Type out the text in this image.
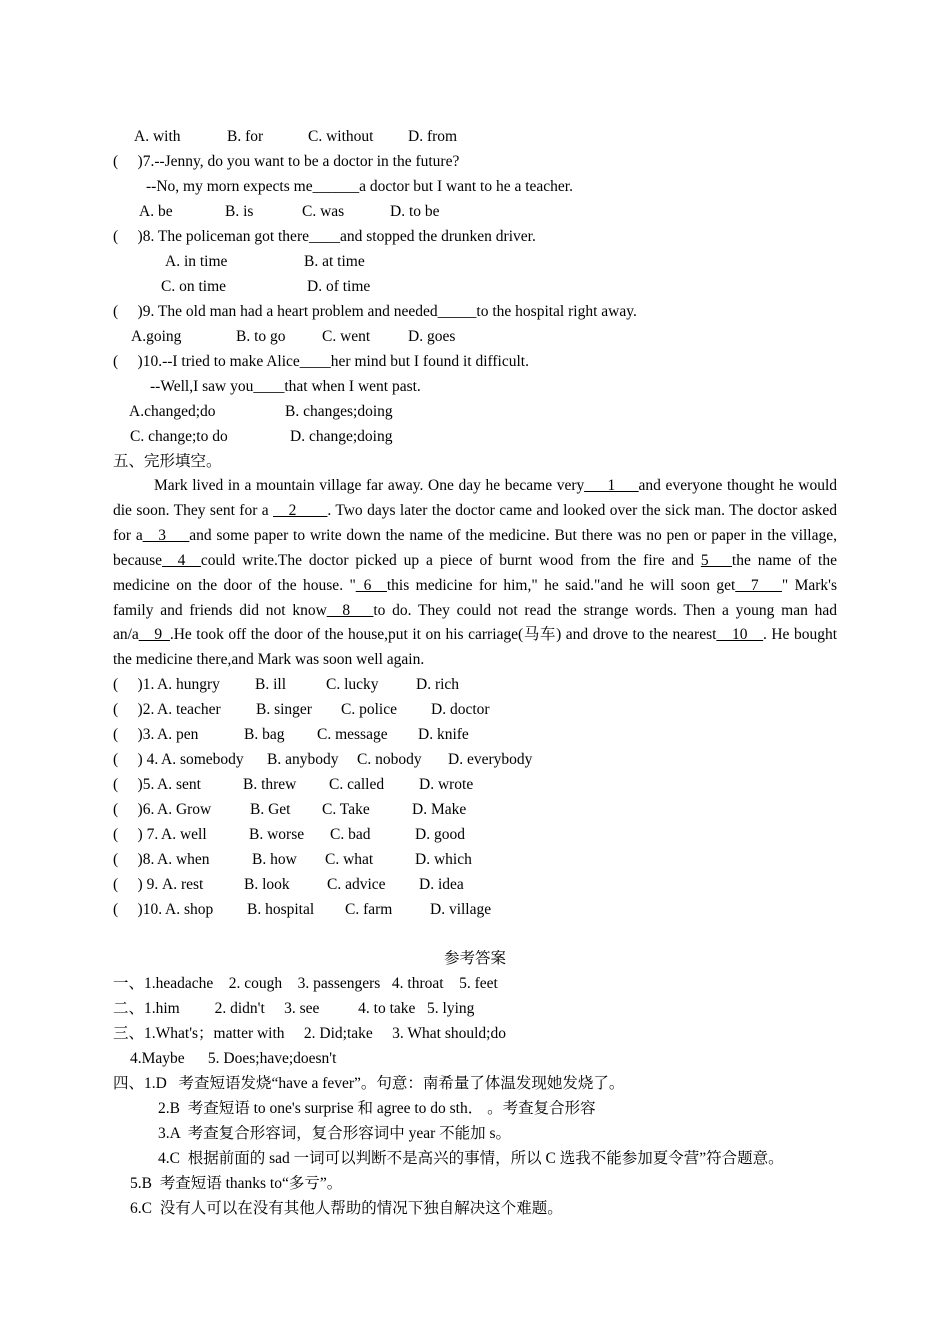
A. with	B. for	C. without D. from
(     )7.--Jenny, do you want to be a doctor in the future?
--No, my morn expects me______a doctor but I want to he a teacher.
A. be	B. is	C. was	D. to be
(     )8. The policeman got there____and stopped the drunken driver.
A. in time	B. at time
C. on time	D. of time
(     )9. The old man had a heart problem and needed_____to the hospital right away.
A.going	B. to go C. went D. goes
(     )10.--I tried to make Alice____her mind but I found it difficult.
--Well,I saw you____that when I went past.
A.changed;do	B. changes;doing
C. change;to do	D. change;doing
五、完形填空。
Mark lived in a mountain village far away. One day he became very___1___and everyone thought he would die soon. They sent for a __2____. Two days later the doctor came and looked over the sick man. The doctor asked for a__3___and some paper to write down the name of the medicine. But there was no pen or paper in the village, because__4__could write.The doctor picked up a piece of burnt wood from the fire and 5___the name of the medicine on the door of the house. "_6__this medicine for him," he said."and he will soon get__7___" Mark's family and friends did not know__8___to do. They could not read the strange words. Then a young man had an/a__9_.He took off the door of the house,put it on his carriage(马车) and drove to the nearest__10__. He bought the medicine there,and Mark was soon well again.
(     )1. A. hungry B. ill	C. lucky D. rich
(     )2. A. teacher B. singer C. police D. doctor
(     )3. A. pen	B. bag C. message D. knife
(     ) 4. A. somebody B. anybody C. nobody D. everybody
(     )5. A. sent	B. threw C. called D. wrote
(     )6. A. Grow	B. Get C. Take	D. Make
(     ) 7. A. well	B. worse C. bad	D. good
(     )8. A. when	B. how C. what	D. which
(     ) 9. A. rest	B. look C. advice D. idea
(     )10. A. shop B. hospital C. farm D. village
参考答案
一、1.headache    2. cough    3. passengers   4. throat    5. feet
二、1.him         2. didn't     3. see          4. to take   5. lying
三、1.What's；matter with     2. Did;take     3. What should;do
4.Maybe      5. Does;have;doesn't
四、1.D   考查短语发烧“have a fever”。句意：南希量了体温发现她发烧了。
2.B  考查短语 to one's surprise 和 agree to do sth． 。考查复合形容
3.A  考查复合形容词，复合形容词中 year 不能加 s。
4.C  根据前面的 sad 一词可以判断不是高兴的事情，所以 C 选我不能参加夏令营”符合题意。
5.B  考查短语 thanks to“多亏”。
6.C  没有人可以在没有其他人帮助的情况下独自解决这个难题。
